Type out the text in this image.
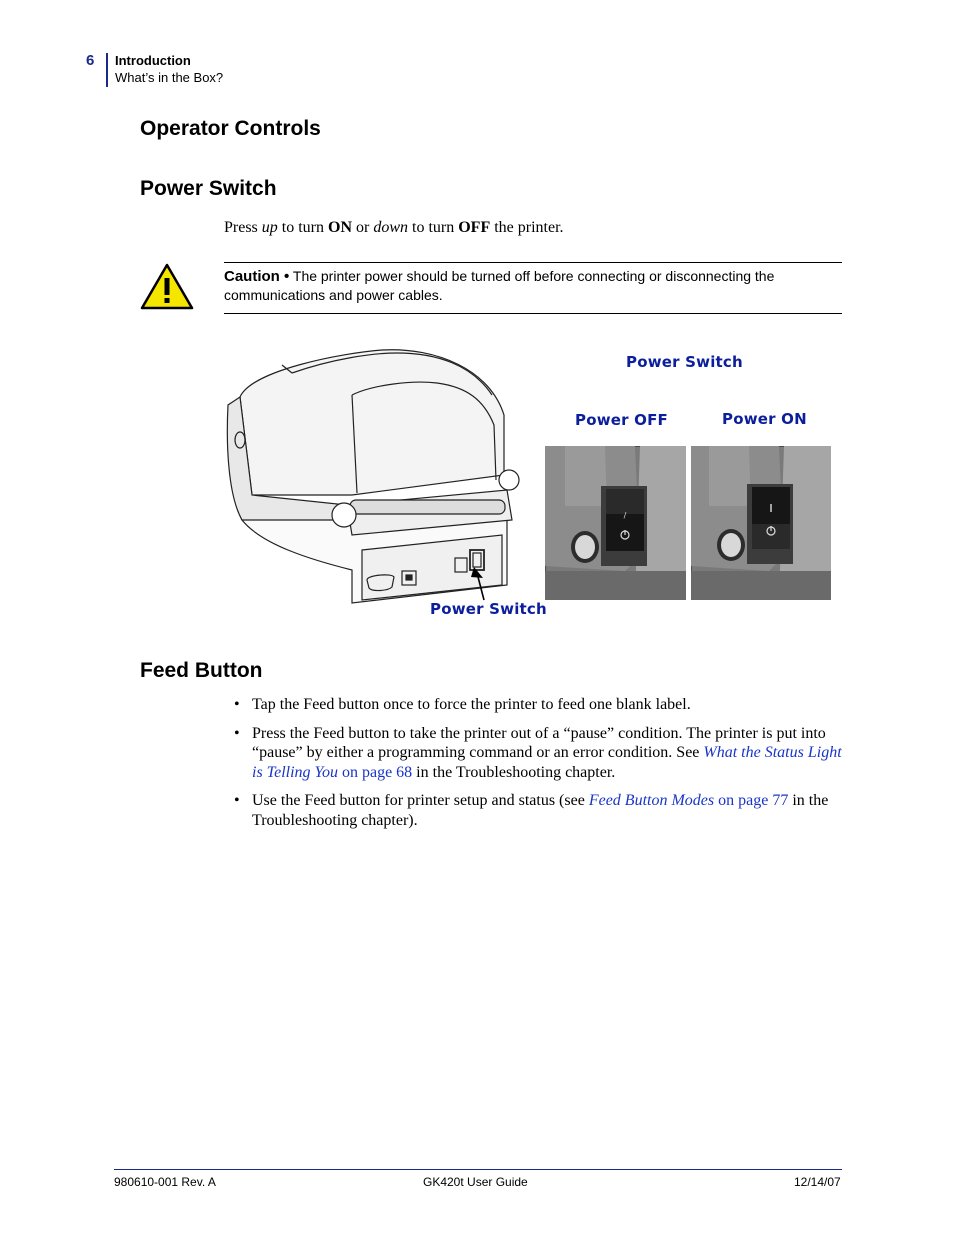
6 Introduction
What’s in the Box?
Operator Controls
Power Switch
Press up to turn ON or down to turn OFF the printer.
Caution • The printer power should be turned off before connecting or disconnecting the communications and power cables.
Power Switch
Power Switch
Power OFF	Power ON
/
Feed Button
• Tap the Feed button once to force the printer to feed one blank label.
• Press the Feed button to take the printer out of a “pause” condition. The printer is put into “pause” by either a programming command or an error condition. See What the Status Light is Telling You on page 68 in the Troubleshooting chapter.
• Use the Feed button for printer setup and status (see Feed Button Modes on page 77 in the Troubleshooting chapter).
980610-001 Rev. A	GK420t User Guide	12/14/07
